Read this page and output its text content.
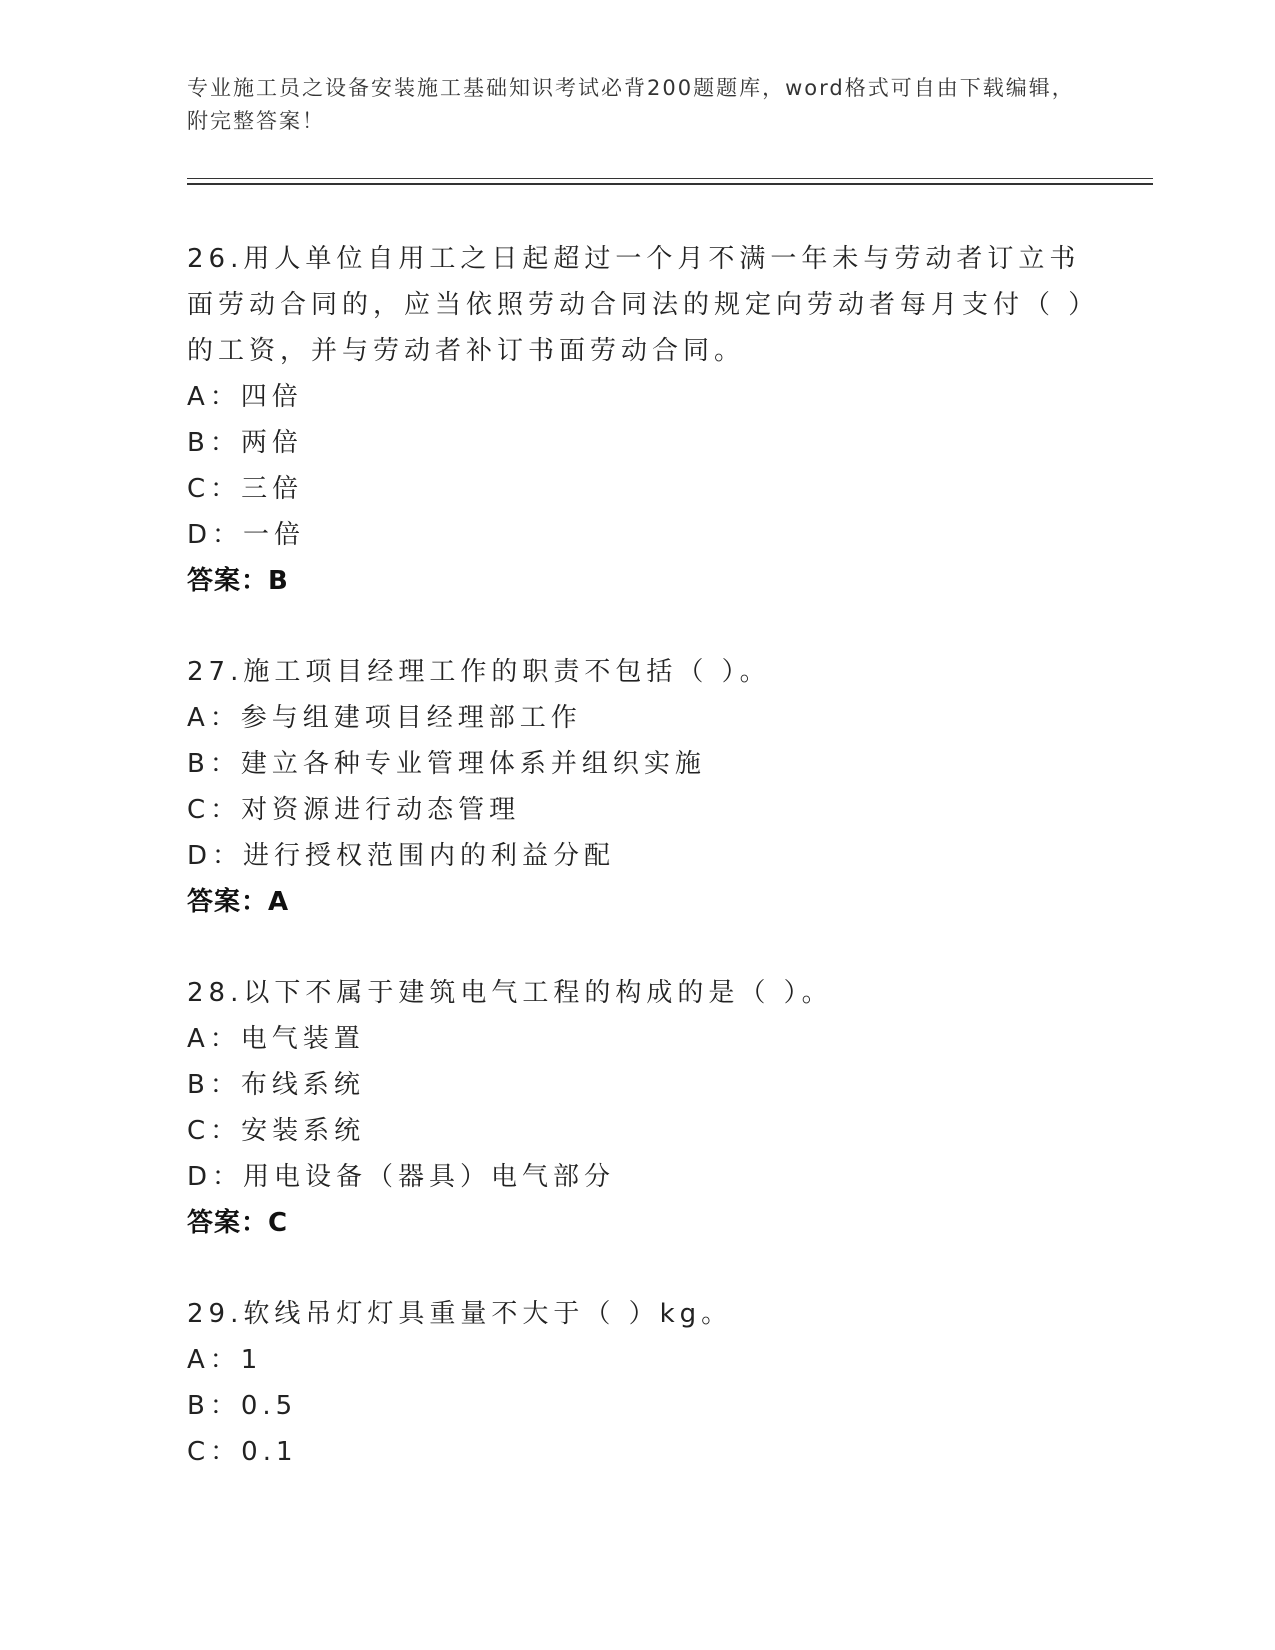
专业施工员之设备安装施工基础知识考试必背200题题库，word格式可自由下载编辑，附完整答案！
26.用人单位自用工之日起超过一个月不满一年未与劳动者订立书面劳动合同的，应当依照劳动合同法的规定向劳动者每月支付（ ）的工资，并与劳动者补订书面劳动合同。
A：四倍
B：两倍
C：三倍
D：一倍
答案：B
27.施工项目经理工作的职责不包括（ ）。
A：参与组建项目经理部工作
B：建立各种专业管理体系并组织实施
C：对资源进行动态管理
D：进行授权范围内的利益分配
答案：A
28.以下不属于建筑电气工程的构成的是（ ）。
A：电气装置
B：布线系统
C：安装系统
D：用电设备（器具）电气部分
答案：C
29.软线吊灯灯具重量不大于（ ）kg。
A：1
B：0.5
C：0.1
